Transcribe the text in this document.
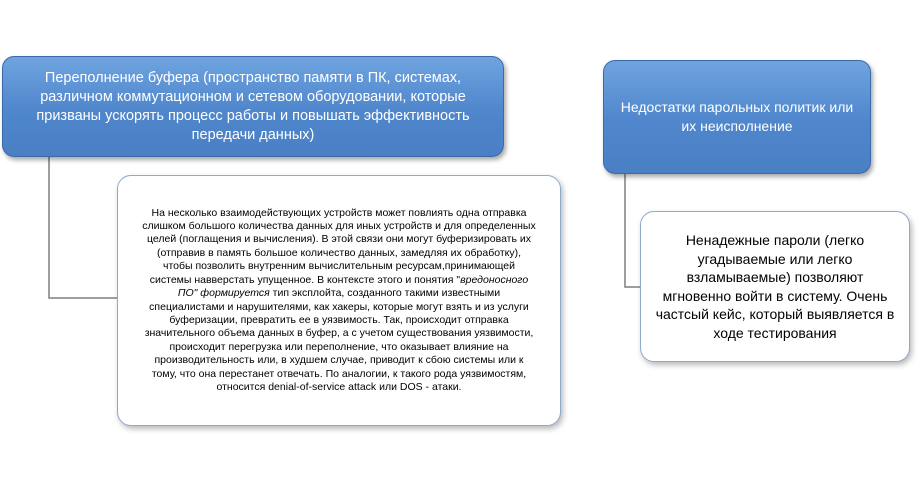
Переполнение буфера (пространство памяти в ПК, системах, различном коммутационном и сетевом оборудовании, которые призваны ускорять процесс работы и повышать эффективность передачи данных)
На несколько взаимодействующих устройств может повлиять одна отправка слишком большого количества данных для иных устройств и для определенных целей (поглащения и вычисления). В этой связи они могут буферизировать их (отправив в память большое количество данных, замедляя их обработку), чтобы позволить внутренним вычислительным ресурсам,принимающей системы навверстать упущенное. В контексте этого и понятия "вредоносного ПО" формируется тип эксплойта, созданного такими известными специалистами и нарушителями, как хакеры, которые могут взять и из услуги буферизации, превратить ее в уязвимость. Так, происходит отправка значительного объема данных в буфер, а с учетом существования уязвимости, происходит перегрузка или переполнение, что оказывает влияние на производительность или, в худшем случае, приводит к сбою системы или к тому, что она перестанет отвечать. По аналогии, к такого рода уязвимостям, относится denial-of-service attack или DOS - атаки.
Недостатки парольных политик или их неисполнение
Ненадежные пароли (легко угадываемые или легко взламываемые) позволяют мгновенно войти в систему. Очень частсый кейс, который выявляется в ходе тестирования
